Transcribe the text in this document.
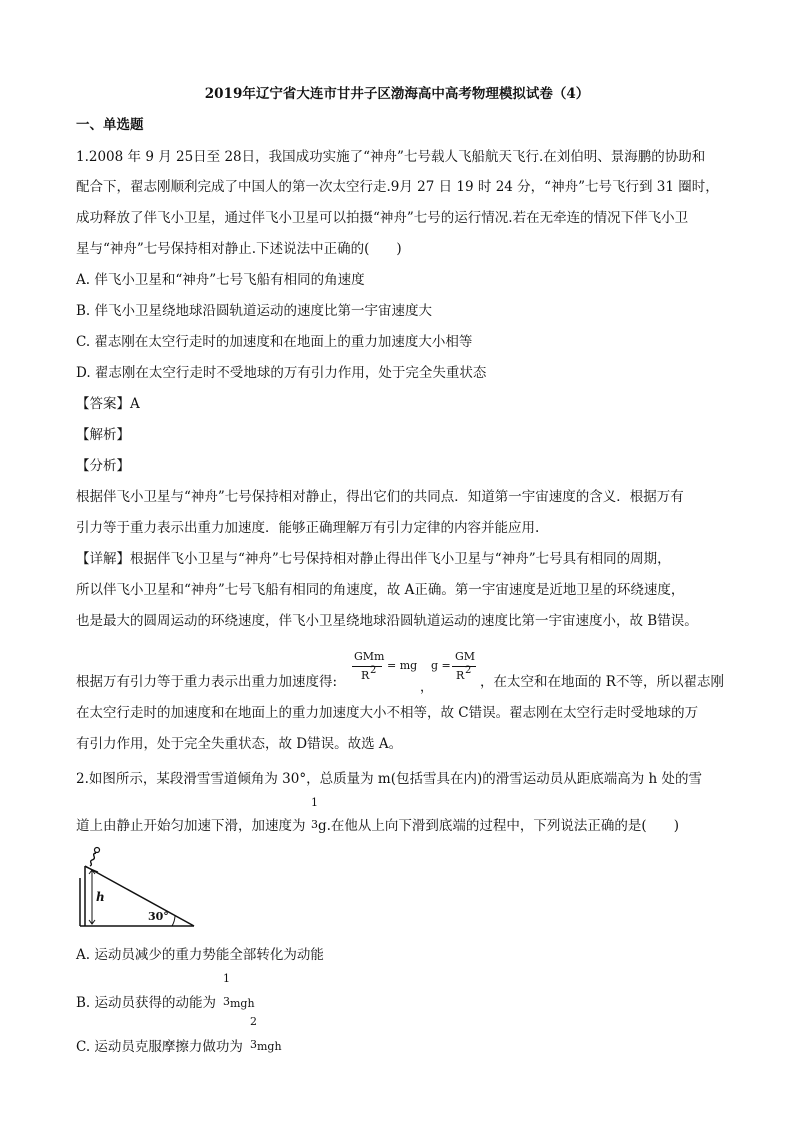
2019年辽宁省大连市甘井子区渤海高中高考物理模拟试卷（4）
一、单选题
1.2008 年 9 月 25日至 28日，我国成功实施了“神舟”七号载人飞船航天飞行.在刘伯明、景海鹏的协助和
配合下，翟志刚顺利完成了中国人的第一次太空行走.9月 27 日 19 时 24 分，“神舟”七号飞行到 31 圈时，
成功释放了伴飞小卫星，通过伴飞小卫星可以拍摄“神舟”七号的运行情况.若在无牵连的情况下伴飞小卫
星与“神舟”七号保持相对静止.下述说法中正确的(　　)
A. 伴飞小卫星和“神舟”七号飞船有相同的角速度
B. 伴飞小卫星绕地球沿圆轨道运动的速度比第一宇宙速度大
C. 翟志刚在太空行走时的加速度和在地面上的重力加速度大小相等
D. 翟志刚在太空行走时不受地球的万有引力作用，处于完全失重状态
【答案】A
【解析】
【分析】
根据伴飞小卫星与“神舟”七号保持相对静止，得出它们的共同点．知道第一宇宙速度的含义．根据万有
引力等于重力表示出重力加速度．能够正确理解万有引力定律的内容并能应用.
【详解】根据伴飞小卫星与“神舟”七号保持相对静止得出伴飞小卫星与“神舟”七号具有相同的周期，
所以伴飞小卫星和“神舟”七号飞船有相同的角速度，故 A正确。第一宇宙速度是近地卫星的环绕速度，
也是最大的圆周运动的环绕速度，伴飞小卫星绕地球沿圆轨道运动的速度比第一宇宙速度小，故 B错误。
根据万有引力等于重力表示出重力加速度得:
GMm
R 2 = mg
，
g =
GM
R 2
，在太空和在地面的 R不等，所以翟志刚
在太空行走时的加速度和在地面上的重力加速度大小不相等，故 C错误。翟志刚在太空行走时受地球的万
有引力作用，处于完全失重状态，故 D错误。故选 A。
2.如图所示，某段滑雪雪道倾角为 30°，总质量为 m(包括雪具在内)的滑雪运动员从距底端高为 h 处的雪
道上由静止开始匀加速下滑，加速度为
1
3 g.在他从上向下滑到底端的过程中，下列说法正确的是(　　)
h
30°
A. 运动员减少的重力势能全部转化为动能
B. 运动员获得的动能为
1
3 mgh
C. 运动员克服摩擦力做功为
2
3 mgh
